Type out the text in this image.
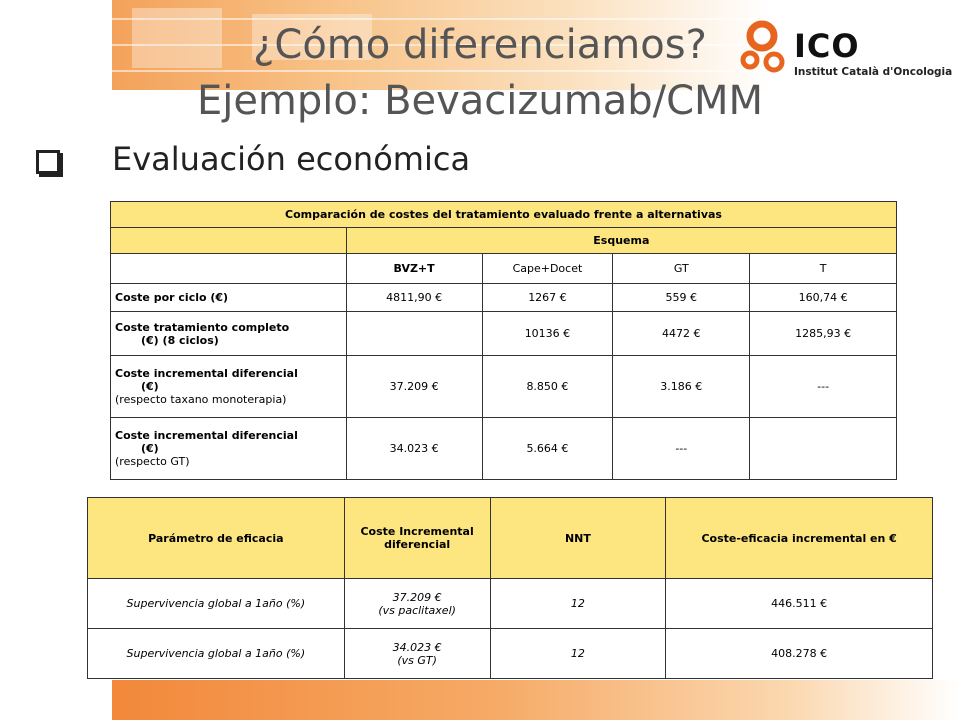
¿Cómo diferenciamos?
Ejemplo: Bevacizumab/CMM
ICO
Institut Català d'Oncologia
Evaluación económica
Comparación de costes del tratamiento evaluado frente a alternativas				
	Esquema			
	BVZ+T	Cape+Docet	GT	T
Coste por ciclo (€)	4811,90 €	1267 €	559 €	160,74 €
Coste tratamiento completo
(€) (8 ciclos)		10136 €	4472 €	1285,93 €
Coste incremental diferencial
(€)
(respecto taxano monoterapia)	37.209 €	8.850 €	3.186 €	---
Coste incremental diferencial
(€)
(respecto GT)	34.023 €	5.664 €	---	
Parámetro de eficacia	Coste Incremental diferencial	NNT	Coste-eficacia incremental en €
Supervivencia global a 1año (%)	37.209 €
(vs paclitaxel)	12	446.511 €
Supervivencia global a 1año (%)	34.023 €
(vs GT)	12	408.278 €
